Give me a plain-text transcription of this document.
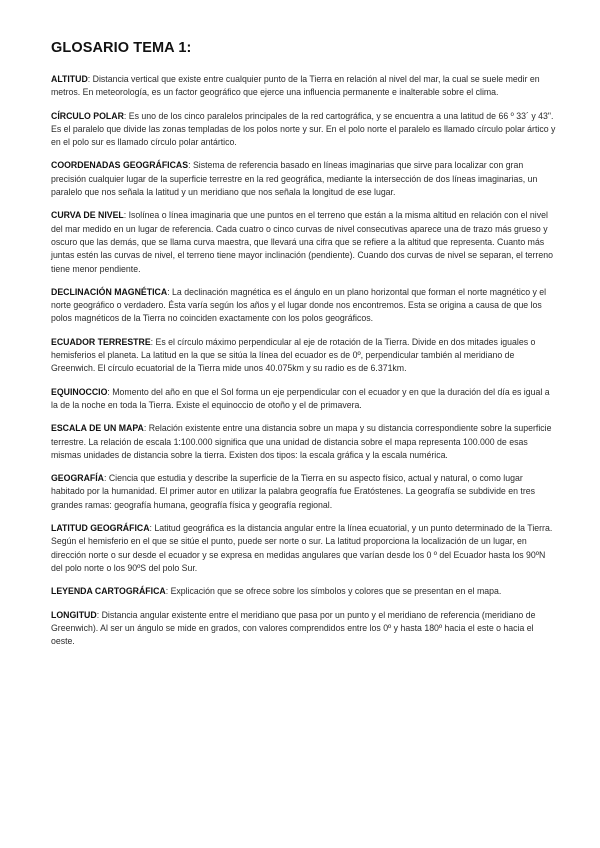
GLOSARIO TEMA 1:

ALTITUD: Distancia vertical que existe entre cualquier punto de la Tierra en relación al nivel del mar, la cual se suele medir en metros. En meteorología, es un factor geográfico que ejerce una influencia permanente e inalterable sobre el clima.

CÍRCULO POLAR: Es uno de los cinco paralelos principales de la red cartográfica, y se encuentra a una latitud de 66 º 33´ y 43". Es el paralelo que divide las zonas templadas de los polos norte y sur. En el polo norte el paralelo es llamado círculo polar ártico y en el polo sur es llamado círculo polar antártico.

COORDENADAS GEOGRÁFICAS: Sistema de referencia basado en líneas imaginarias que sirve para localizar con gran precisión cualquier lugar de la superficie terrestre en la red geográfica, mediante la intersección de dos líneas imaginarias, un paralelo que nos señala la latitud y un meridiano que nos señala la longitud de ese lugar.

CURVA DE NIVEL: Isolínea o línea imaginaria que une puntos en el terreno que están a la misma altitud en relación con el nivel del mar medido en un lugar de referencia. Cada cuatro o cinco curvas de nivel consecutivas aparece una de trazo más grueso y oscuro que las demás, que se llama curva maestra, que llevará una cifra que se refiere a la altitud que representa. Cuanto más juntas estén las curvas de nivel, el terreno tiene mayor inclinación (pendiente). Cuando dos curvas de nivel se separan, el terreno tiene menor pendiente.

DECLINACIÓN MAGNÉTICA: La declinación magnética es el ángulo en un plano horizontal que forman el norte magnético y el norte geográfico o verdadero. Ésta varía según los años y el lugar donde nos encontremos. Esta se origina a causa de que los polos magnéticos de la Tierra no coinciden exactamente con los polos geográficos.

ECUADOR TERRESTRE: Es el círculo máximo perpendicular al eje de rotación de la Tierra. Divide en dos mitades iguales o hemisferios el planeta. La latitud en la que se sitúa la línea del ecuador es de 0º, perpendicular también al meridiano de Greenwich. El círculo ecuatorial de la Tierra mide unos 40.075km y su radio es de 6.371km.

EQUINOCCIO: Momento del año en que el Sol forma un eje perpendicular con el ecuador y en que la duración del día es igual a la de la noche en toda la Tierra. Existe el equinoccio de otoño y el de primavera.

ESCALA DE UN MAPA: Relación existente entre una distancia sobre un mapa y su distancia correspondiente sobre la superficie terrestre. La relación de escala 1:100.000 significa que una unidad de distancia sobre el mapa representa 100.000 de esas mismas unidades de distancia sobre la tierra. Existen dos tipos: la escala gráfica y la escala numérica.

GEOGRAFÍA: Ciencia que estudia y describe la superficie de la Tierra en su aspecto físico, actual y natural, o como lugar habitado por la humanidad. El primer autor en utilizar la palabra geografía fue Eratóstenes. La geografía se subdivide en tres grandes ramas: geografía humana, geografía física y geografía regional.

LATITUD GEOGRÁFICA: Latitud geográfica es la distancia angular entre la línea ecuatorial, y un punto determinado de la Tierra. Según el hemisferio en el que se sitúe el punto, puede ser norte o sur. La latitud proporciona la localización de un lugar, en dirección norte o sur desde el ecuador y se expresa en medidas angulares que varían desde los 0 º del Ecuador hasta los 90ºN del polo norte o los 90ºS del polo Sur.

LEYENDA CARTOGRÁFICA: Explicación que se ofrece sobre los símbolos y colores que se presentan en el mapa.

LONGITUD: Distancia angular existente entre el meridiano que pasa por un punto y el meridiano de referencia (meridiano de Greenwich). Al ser un ángulo se mide en grados, con valores comprendidos entre los 0º y hasta 180º hacia el este o hacia el oeste.
